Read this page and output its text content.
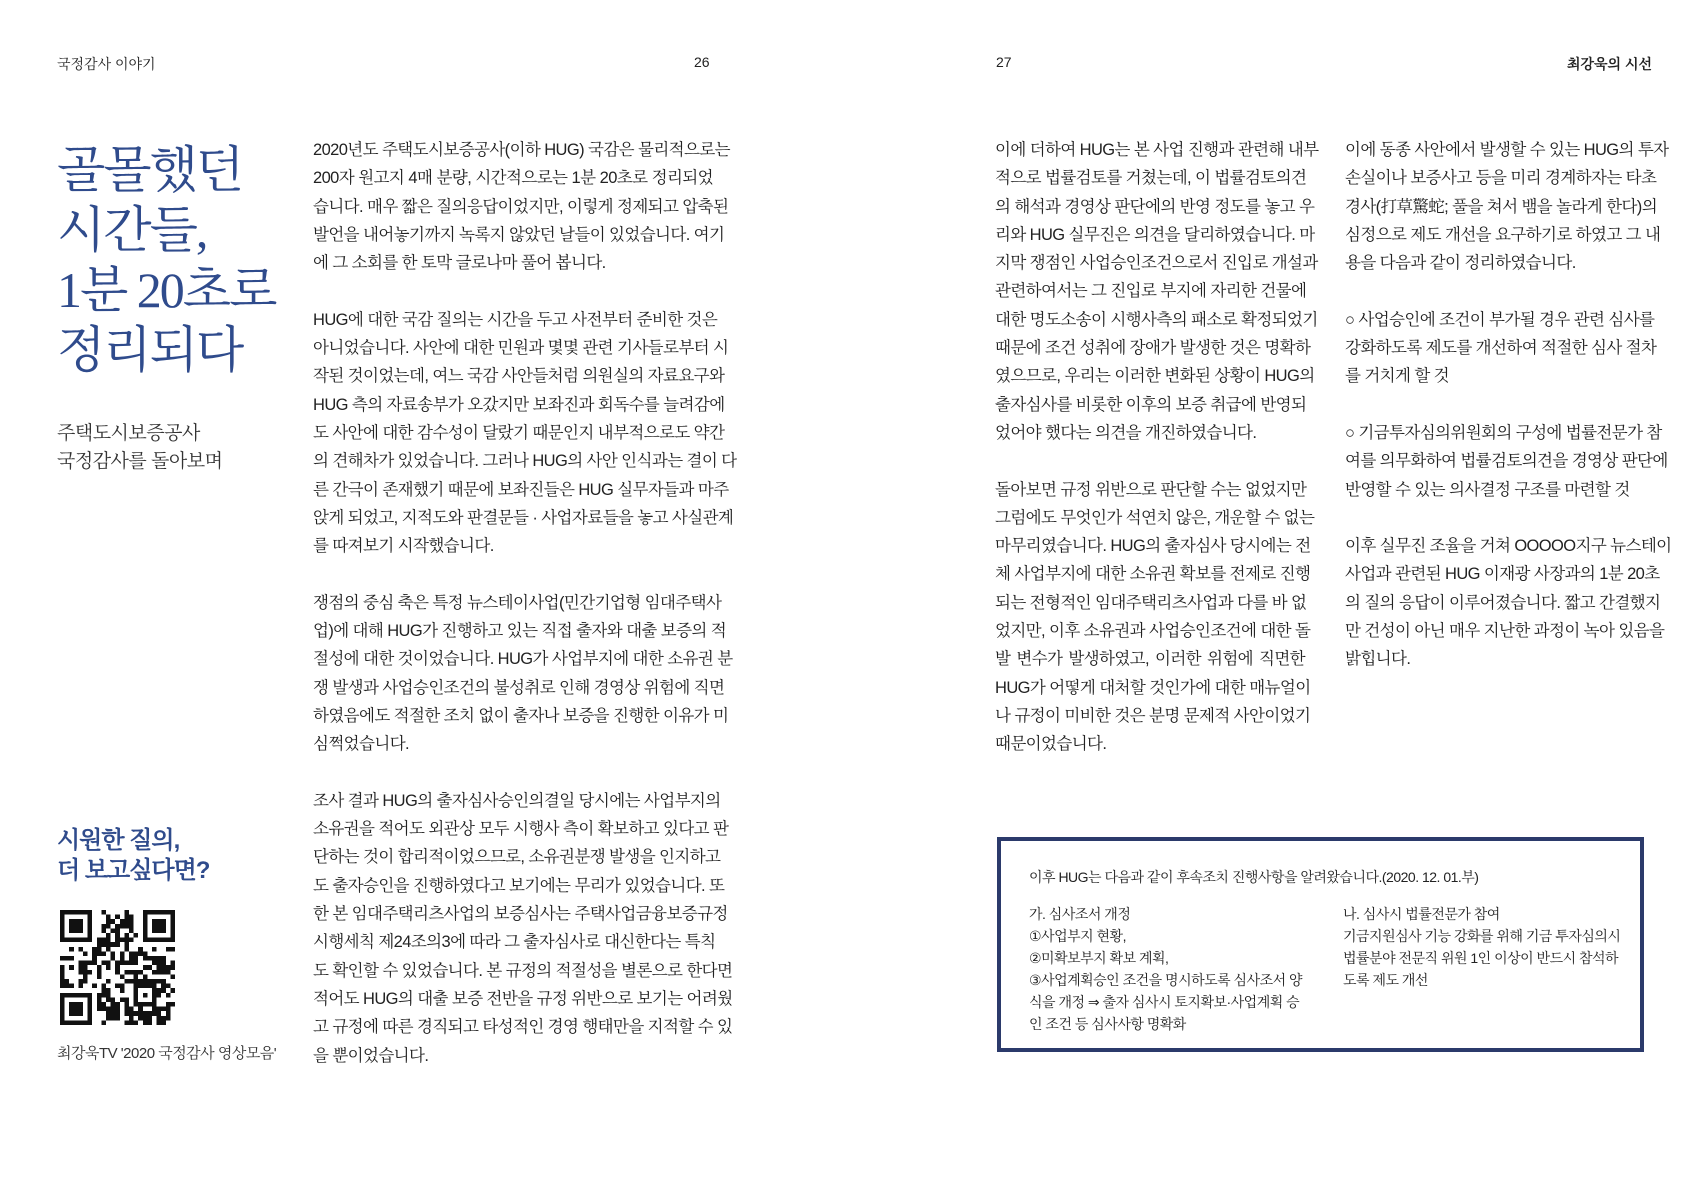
국정감사 이야기	26	27	최강욱의 시선
골몰했던
시간들,
1분 20초로
정리되다
주택도시보증공사
국정감사를 돌아보며
시원한 질의,
더 보고싶다면?
최강욱TV '2020 국정감사 영상모음'
2020년도 주택도시보증공사(이하 HUG) 국감은 물리적으로는
200자 원고지 4매 분량, 시간적으로는 1분 20초로 정리되었
습니다. 매우 짧은 질의응답이었지만, 이렇게 정제되고 압축된
발언을 내어놓기까지 녹록지 않았던 날들이 있었습니다. 여기
에 그 소회를 한 토막 글로나마 풀어 봅니다.
HUG에 대한 국감 질의는 시간을 두고 사전부터 준비한 것은
아니었습니다. 사안에 대한 민원과 몇몇 관련 기사들로부터 시
작된 것이었는데, 여느 국감 사안들처럼 의원실의 자료요구와
HUG 측의 자료송부가 오갔지만 보좌진과 회독수를 늘려감에
도 사안에 대한 감수성이 달랐기 때문인지 내부적으로도 약간
의 견해차가 있었습니다. 그러나 HUG의 사안 인식과는 결이 다
른 간극이 존재했기 때문에 보좌진들은 HUG 실무자들과 마주
앉게 되었고, 지적도와 판결문들 · 사업자료들을 놓고 사실관계
를 따져보기 시작했습니다.
쟁점의 중심 축은 특정 뉴스테이사업(민간기업형 임대주택사
업)에 대해 HUG가 진행하고 있는 직접 출자와 대출 보증의 적
절성에 대한 것이었습니다. HUG가 사업부지에 대한 소유권 분
쟁 발생과 사업승인조건의 불성취로 인해 경영상 위험에 직면
하였음에도 적절한 조치 없이 출자나 보증을 진행한 이유가 미
심쩍었습니다.
조사 결과 HUG의 출자심사승인의결일 당시에는 사업부지의
소유권을 적어도 외관상 모두 시행사 측이 확보하고 있다고 판
단하는 것이 합리적이었으므로, 소유권분쟁 발생을 인지하고
도 출자승인을 진행하였다고 보기에는 무리가 있었습니다. 또
한 본 임대주택리츠사업의 보증심사는 주택사업금융보증규정
시행세칙 제24조의3에 따라 그 출자심사로 대신한다는 특칙
도 확인할 수 있었습니다. 본 규정의 적절성을 별론으로 한다면
적어도 HUG의 대출 보증 전반을 규정 위반으로 보기는 어려웠
고 규정에 따른 경직되고 타성적인 경영 행태만을 지적할 수 있
을 뿐이었습니다.
이에 더하여 HUG는 본 사업 진행과 관련해 내부
적으로 법률검토를 거쳤는데, 이 법률검토의견
의 해석과 경영상 판단에의 반영 정도를 놓고 우
리와 HUG 실무진은 의견을 달리하였습니다. 마
지막 쟁점인 사업승인조건으로서 진입로 개설과
관련하여서는 그 진입로 부지에 자리한 건물에
대한 명도소송이 시행사측의 패소로 확정되었기
때문에 조건 성취에 장애가 발생한 것은 명확하
였으므로, 우리는 이러한 변화된 상황이 HUG의
출자심사를 비롯한 이후의 보증 취급에 반영되
었어야 했다는 의견을 개진하였습니다.
돌아보면 규정 위반으로 판단할 수는 없었지만
그럼에도 무엇인가 석연치 않은, 개운할 수 없는
마무리였습니다. HUG의 출자심사 당시에는 전
체 사업부지에 대한 소유권 확보를 전제로 진행
되는 전형적인 임대주택리츠사업과 다를 바 없
었지만, 이후 소유권과 사업승인조건에 대한 돌
발 변수가 발생하였고, 이러한 위험에 직면한
HUG가 어떻게 대처할 것인가에 대한 매뉴얼이
나 규정이 미비한 것은 분명 문제적 사안이었기
때문이었습니다.
이에 동종 사안에서 발생할 수 있는 HUG의 투자
손실이나 보증사고 등을 미리 경계하자는 타초
경사(打草驚蛇; 풀을 쳐서 뱀을 놀라게 한다)의
심정으로 제도 개선을 요구하기로 하였고 그 내
용을 다음과 같이 정리하였습니다.
○ 사업승인에 조건이 부가될 경우 관련 심사를
강화하도록 제도를 개선하여 적절한 심사 절차
를 거치게 할 것
○ 기금투자심의위원회의 구성에 법률전문가 참
여를 의무화하여 법률검토의견을 경영상 판단에
반영할 수 있는 의사결정 구조를 마련할 것
이후 실무진 조율을 거쳐 OOOOO지구 뉴스테이
사업과 관련된 HUG 이재광 사장과의 1분 20초
의 질의 응답이 이루어졌습니다. 짧고 간결했지
만 건성이 아닌 매우 지난한 과정이 녹아 있음을
밝힙니다.
이후 HUG는 다음과 같이 후속조치 진행사항을 알려왔습니다.(2020. 12. 01.부)
가. 심사조서 개정
①사업부지 현황,
②미확보부지 확보 계획,
③사업계획승인 조건을 명시하도록 심사조서 양
식을 개정 ⇒ 출자 심사시 토지확보·사업계획 승
인 조건 등 심사사항 명확화
나. 심사시 법률전문가 참여
기금지원심사 기능 강화를 위해 기금 투자심의시
법률분야 전문직 위원 1인 이상이 반드시 참석하
도록 제도 개선
